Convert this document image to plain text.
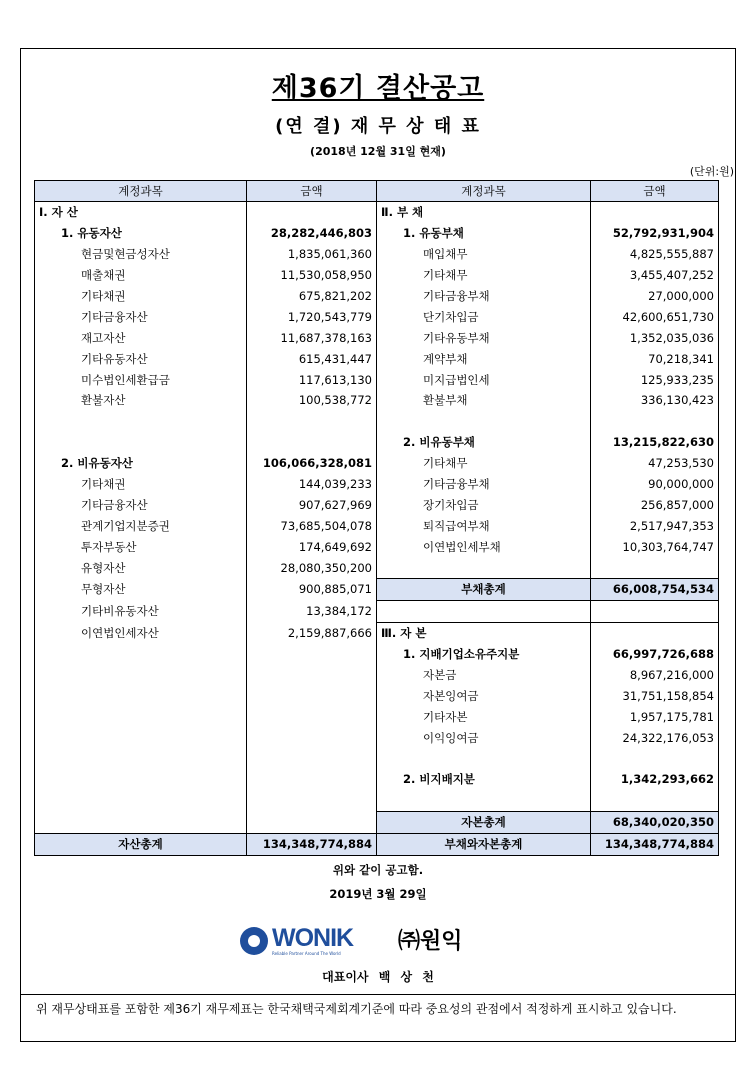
제36기 결산공고
(연 결) 재 무 상 태 표
(2018년 12월 31일 현재)
(단위:원)
계정과목	금액	계정과목	금액
Ⅰ. 자 산		Ⅱ. 부 채	
1. 유동자산	28,282,446,803	1. 유동부채	52,792,931,904
현금및현금성자산	1,835,061,360	매입채무	4,825,555,887
매출채권	11,530,058,950	기타채무	3,455,407,252
기타채권	675,821,202	기타금융부채	27,000,000
기타금융자산	1,720,543,779	단기차입금	42,600,651,730
재고자산	11,687,378,163	기타유동부채	1,352,035,036
기타유동자산	615,431,447	계약부채	70,218,341
미수법인세환급금	117,613,130	미지급법인세	125,933,235
환불자산	100,538,772	환불부채	336,130,423

		2. 비유동부채	13,215,822,630
2. 비유동자산	106,066,328,081	기타채무	47,253,530
기타채권	144,039,233	기타금융부채	90,000,000
기타금융자산	907,627,969	장기차입금	256,857,000
관계기업지분증권	73,685,504,078	퇴직급여부채	2,517,947,353
투자부동산	174,649,692	이연법인세부채	10,303,764,747
유형자산	28,080,350,200		
무형자산	900,885,071	부채총계	66,008,754,534
기타비유동자산	13,384,172		
이연법인세자산	2,159,887,666	Ⅲ. 자 본	
		1. 지배기업소유주지분	66,997,726,688
		자본금	8,967,216,000
		자본잉여금	31,751,158,854
		기타자본	1,957,175,781
		이익잉여금	24,322,176,053

		2. 비지배지분	1,342,293,662

		자본총계	68,340,020,350
자산총계	134,348,774,884	부채와자본총계	134,348,774,884
위와 같이 공고함.
2019년 3월 29일
WONIK
Reliable Partner Around The World	㈜원익
대표이사 백 상 천
위 재무상태표를 포함한 제36기 재무제표는 한국채택국제회계기준에 따라 중요성의 관점에서 적정하게 표시하고 있습니다.
